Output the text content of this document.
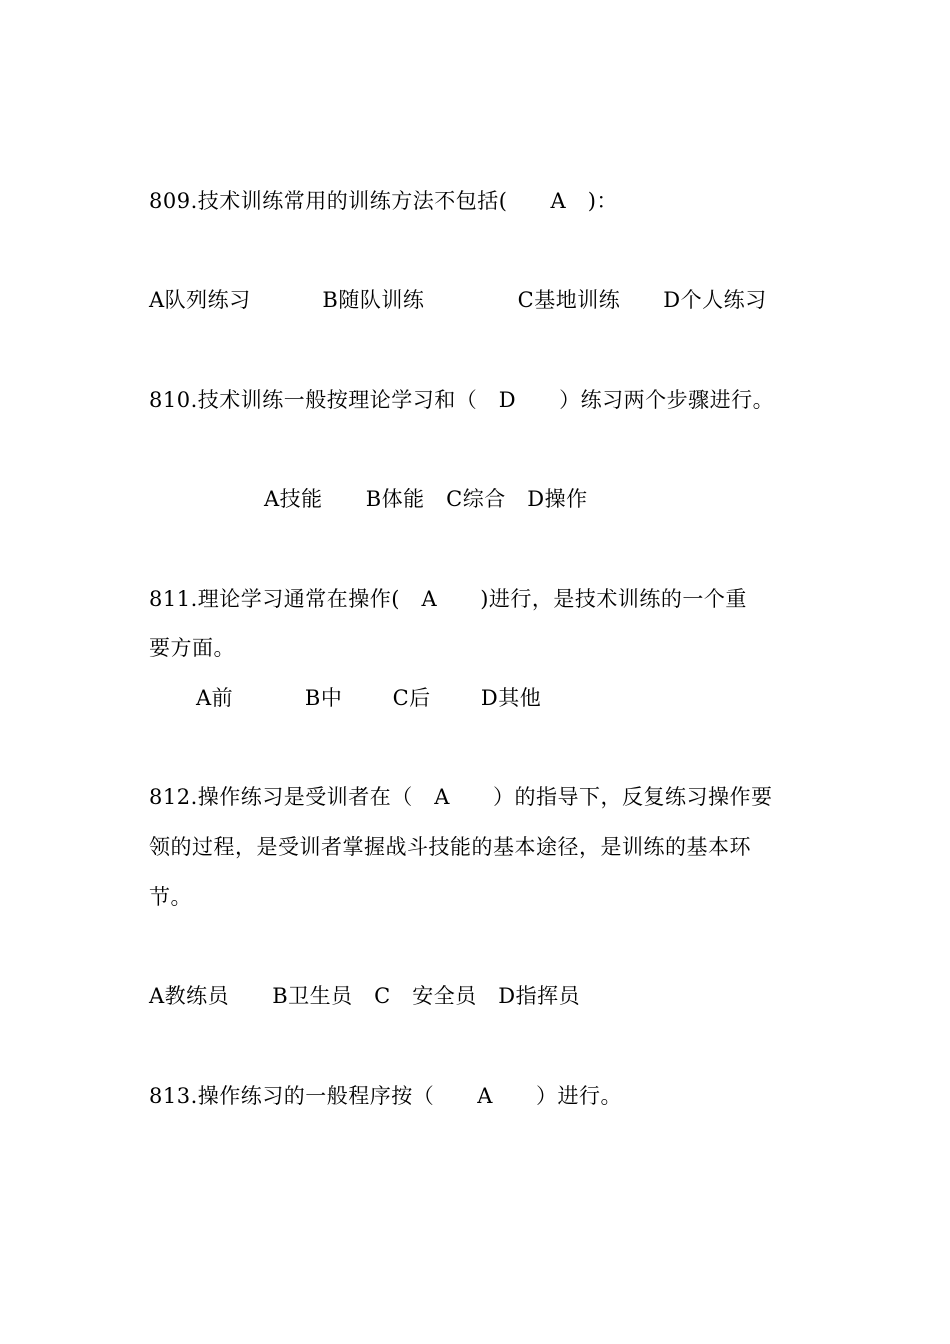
809.技术训练常用的训练方法不包括(      A   )：
A队列练习          B随队训练             C基地训练      D个人练习
810.技术训练一般按理论学习和（   D      ）练习两个步骤进行。
A技能      B体能   C综合   D操作
811.理论学习通常在操作(   A      )进行，是技术训练的一个重
要方面。
A前          B中       C后       D其他
812.操作练习是受训者在（   A      ）的指导下，反复练习操作要
领的过程，是受训者掌握战斗技能的基本途径，是训练的基本环
节。
A教练员      B卫生员   C   安全员   D指挥员
813.操作练习的一般程序按（      A      ）进行。
